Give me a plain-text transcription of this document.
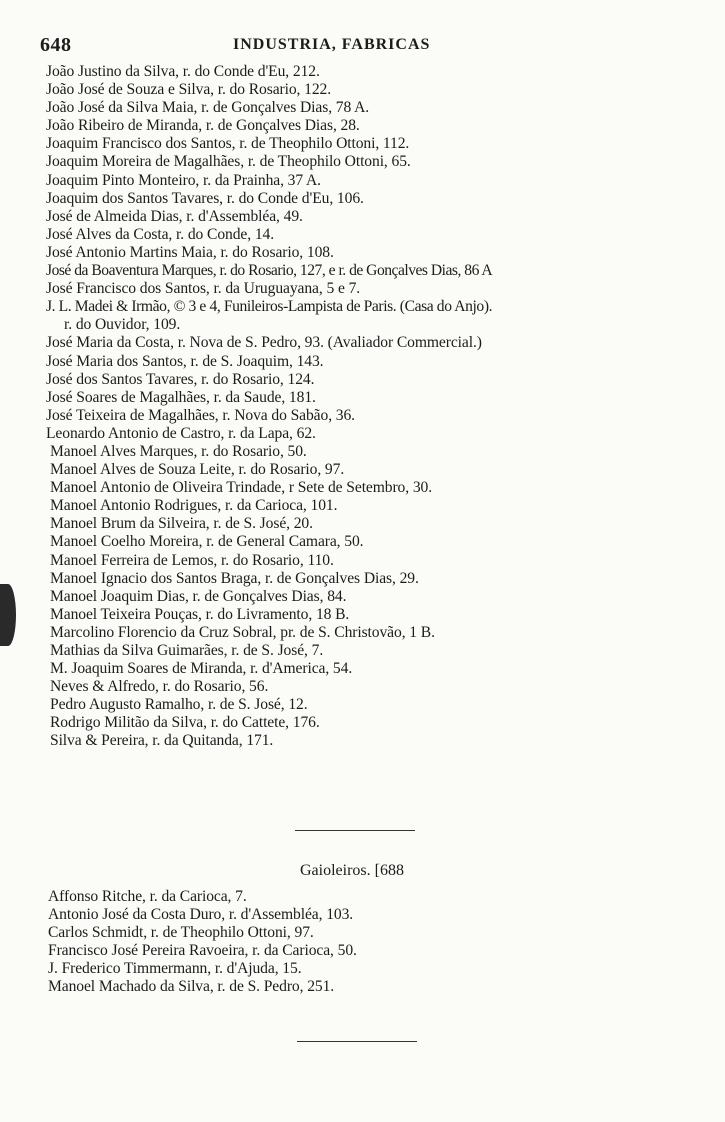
648	INDUSTRIA, FABRICAS
João Justino da Silva, r. do Conde d'Eu, 212.
João José de Souza e Silva, r. do Rosario, 122.
João José da Silva Maia, r. de Gonçalves Dias, 78 A.
João Ribeiro de Miranda, r. de Gonçalves Dias, 28.
Joaquim Francisco dos Santos, r. de Theophilo Ottoni, 112.
Joaquim Moreira de Magalhães, r. de Theophilo Ottoni, 65.
Joaquim Pinto Monteiro, r. da Prainha, 37 A.
Joaquim dos Santos Tavares, r. do Conde d'Eu, 106.
José de Almeida Dias, r. d'Assembléa, 49.
José Alves da Costa, r. do Conde, 14.
José Antonio Martins Maia, r. do Rosario, 108.
José da Boaventura Marques, r. do Rosario, 127, e r. de Gonçalves Dias, 86 A
José Francisco dos Santos, r. da Uruguayana, 5 e 7.
J. L. Madei & Irmão, © 3 e 4, Funileiros-Lampista de Paris. (Casa do Anjo).
r. do Ouvidor, 109.
José Maria da Costa, r. Nova de S. Pedro, 93. (Avaliador Commercial.)
José Maria dos Santos, r. de S. Joaquim, 143.
José dos Santos Tavares, r. do Rosario, 124.
José Soares de Magalhães, r. da Saude, 181.
José Teixeira de Magalhães, r. Nova do Sabão, 36.
Leonardo Antonio de Castro, r. da Lapa, 62.
Manoel Alves Marques, r. do Rosario, 50.
Manoel Alves de Souza Leite, r. do Rosario, 97.
Manoel Antonio de Oliveira Trindade, r Sete de Setembro, 30.
Manoel Antonio Rodrigues, r. da Carioca, 101.
Manoel Brum da Silveira, r. de S. José, 20.
Manoel Coelho Moreira, r. de General Camara, 50.
Manoel Ferreira de Lemos, r. do Rosario, 110.
Manoel Ignacio dos Santos Braga, r. de Gonçalves Dias, 29.
Manoel Joaquim Dias, r. de Gonçalves Dias, 84.
Manoel Teixeira Pouças, r. do Livramento, 18 B.
Marcolino Florencio da Cruz Sobral, pr. de S. Christovão, 1 B.
Mathias da Silva Guimarães, r. de S. José, 7.
M. Joaquim Soares de Miranda, r. d'America, 54.
Neves & Alfredo, r. do Rosario, 56.
Pedro Augusto Ramalho, r. de S. José, 12.
Rodrigo Militão da Silva, r. do Cattete, 176.
Silva & Pereira, r. da Quitanda, 171.
Gaioleiros. [688
Affonso Ritche, r. da Carioca, 7.
Antonio José da Costa Duro, r. d'Assembléa, 103.
Carlos Schmidt, r. de Theophilo Ottoni, 97.
Francisco José Pereira Ravoeira, r. da Carioca, 50.
J. Frederico Timmermann, r. d'Ajuda, 15.
Manoel Machado da Silva, r. de S. Pedro, 251.
